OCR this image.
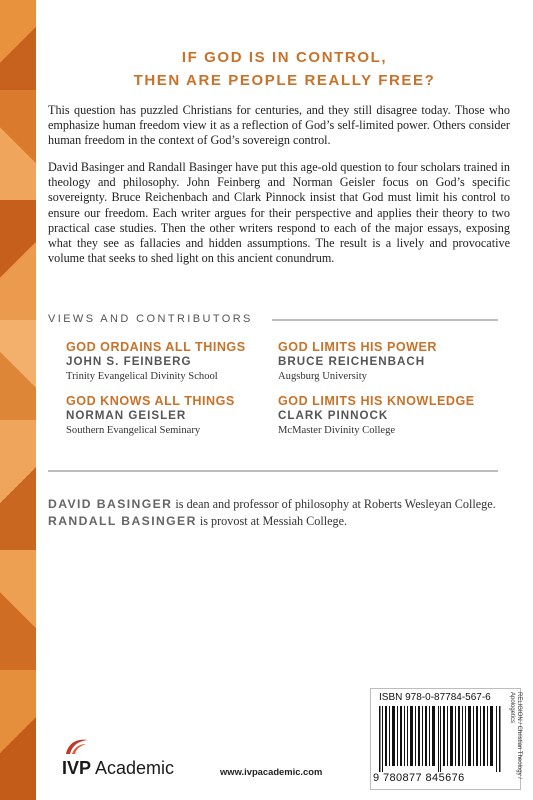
IF GOD IS IN CONTROL,
THEN ARE PEOPLE REALLY FREE?
This question has puzzled Christians for centuries, and they still disagree today. Those who emphasize human freedom view it as a reflection of God’s self-limited power. Others consider human freedom in the context of God’s sovereign control.
David Basinger and Randall Basinger have put this age-old question to four scholars trained in theology and philosophy. John Feinberg and Norman Geisler focus on God’s specific sovereignty. Bruce Reichenbach and Clark Pinnock insist that God must limit his control to ensure our freedom. Each writer argues for their perspective and applies their theory to two practical case studies. Then the other writers respond to each of the major essays, exposing what they see as fallacies and hidden assumptions. The result is a lively and provocative volume that seeks to shed light on this ancient conundrum.
VIEWS AND CONTRIBUTORS
GOD ORDAINS ALL THINGS
JOHN S. FEINBERG
Trinity Evangelical Divinity School
GOD LIMITS HIS POWER
BRUCE REICHENBACH
Augsburg University
GOD KNOWS ALL THINGS
NORMAN GEISLER
Southern Evangelical Seminary
GOD LIMITS HIS KNOWLEDGE
CLARK PINNOCK
McMaster Divinity College
DAVID BASINGER is dean and professor of philosophy at Roberts Wesleyan College. RANDALL BASINGER is provost at Messiah College.
IVP Academic	www.ivpacademic.com
ISBN 978-0-87784-567-6
9 780877 845676	RELIGION / Christian Theology / Apologetics
